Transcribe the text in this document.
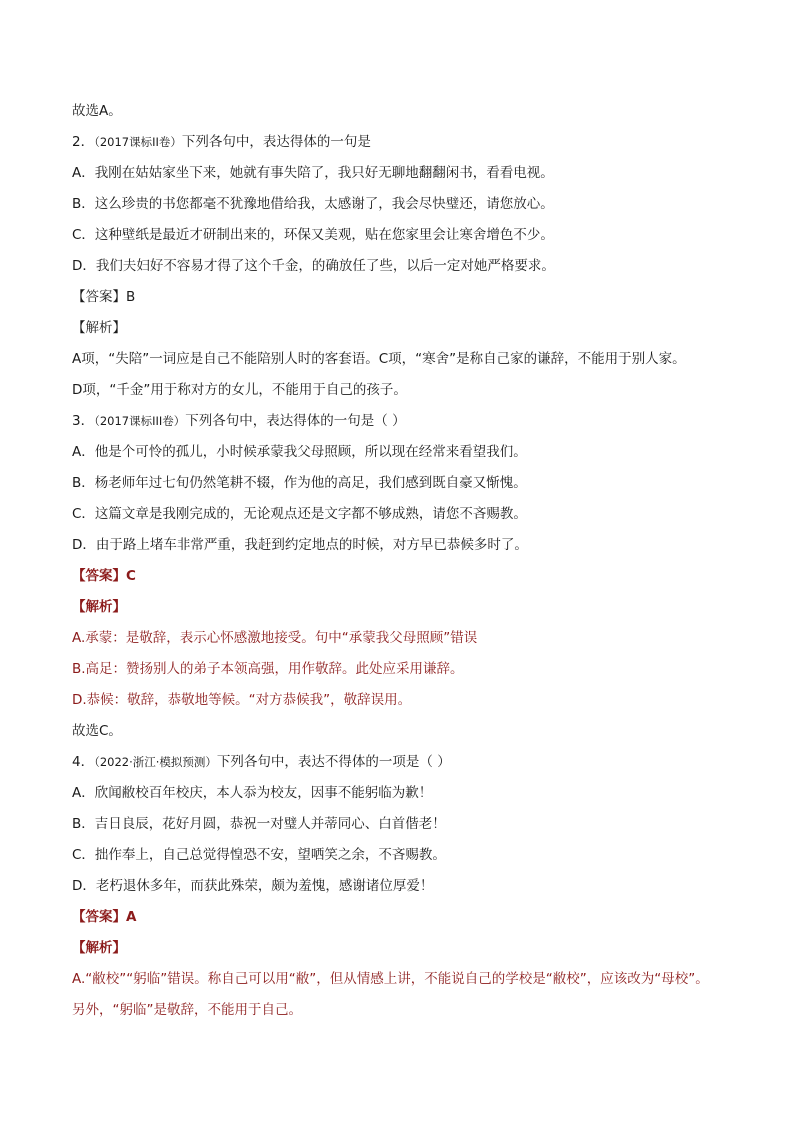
故选A。
2．（2017课标II卷）下列各句中，表达得体的一句是
A．我刚在姑姑家坐下来，她就有事失陪了，我只好无聊地翻翻闲书，看看电视。
B．这么珍贵的书您都毫不犹豫地借给我，太感谢了，我会尽快璧还，请您放心。
C．这种壁纸是最近才研制出来的，环保又美观，贴在您家里会让寒舍增色不少。
D．我们夫妇好不容易才得了这个千金，的确放任了些，以后一定对她严格要求。
【答案】B
【解析】
A项，“失陪”一词应是自己不能陪别人时的客套语。C项，“寒舍”是称自己家的谦辞，不能用于别人家。
D项，“千金”用于称对方的女儿，不能用于自己的孩子。
3．（2017课标III卷）下列各句中，表达得体的一句是（ ）
A．他是个可怜的孤儿，小时候承蒙我父母照顾，所以现在经常来看望我们。
B．杨老师年过七旬仍然笔耕不辍，作为他的高足，我们感到既自豪又惭愧。
C．这篇文章是我刚完成的，无论观点还是文字都不够成熟，请您不吝赐教。
D．由于路上堵车非常严重，我赶到约定地点的时候，对方早已恭候多时了。
【答案】C
【解析】
A.承蒙：是敬辞，表示心怀感激地接受。句中“承蒙我父母照顾”错误
B.高足：赞扬别人的弟子本领高强，用作敬辞。此处应采用谦辞。
D.恭候：敬辞，恭敬地等候。“对方恭候我”，敬辞误用。
故选C。
4．（2022·浙江·模拟预测）下列各句中，表达不得体的一项是（ ）
A．欣闻敝校百年校庆，本人忝为校友，因事不能躬临为歉！
B．吉日良辰，花好月圆，恭祝一对璧人并蒂同心、白首偕老！
C．拙作奉上，自己总觉得惶恐不安，望哂笑之余，不吝赐教。
D．老朽退休多年，而获此殊荣，颇为羞愧，感谢诸位厚爱！
【答案】A
【解析】
A.“敝校”“躬临”错误。称自己可以用“敝”，但从情感上讲，不能说自己的学校是“敝校”，应该改为“母校”。
另外，“躬临”是敬辞，不能用于自己。
